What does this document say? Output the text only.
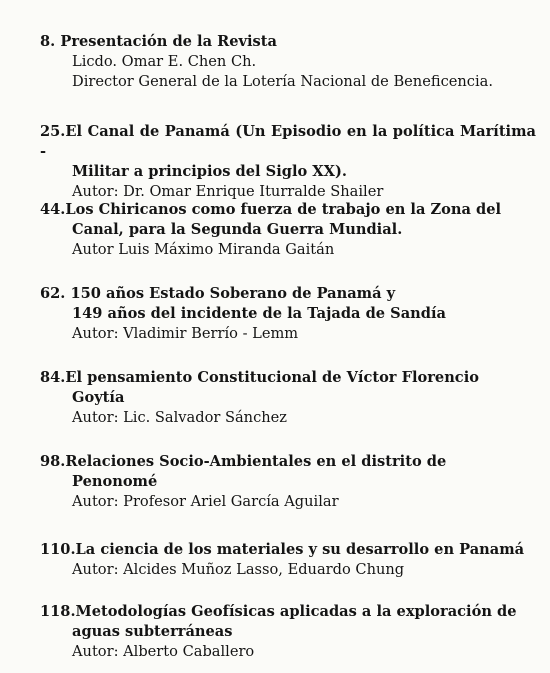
8. Presentación de la Revista
Licdo. Omar E. Chen Ch.
Director General de la Lotería Nacional de Beneficencia.
25.El Canal de Panamá (Un Episodio en la política Marítima -
Militar a principios del Siglo XX).
Autor: Dr. Omar Enrique Iturralde Shailer
44.Los Chiricanos como fuerza de trabajo en la Zona del
Canal, para la Segunda Guerra Mundial.
Autor Luis Máximo Miranda Gaitán
62. 150 años Estado Soberano de Panamá y
149 años del incidente de la Tajada de Sandía
Autor: Vladimir Berrío - Lemm
84.El pensamiento Constitucional de Víctor Florencio
Goytía
Autor: Lic. Salvador Sánchez
98.Relaciones Socio-Ambientales en el distrito de
Penonomé
Autor: Profesor Ariel García Aguilar
110.La ciencia de los materiales y su desarrollo en Panamá
Autor: Alcides Muñoz Lasso, Eduardo Chung
118.Metodologías Geofísicas aplicadas a la exploración de
aguas subterráneas
Autor: Alberto Caballero
